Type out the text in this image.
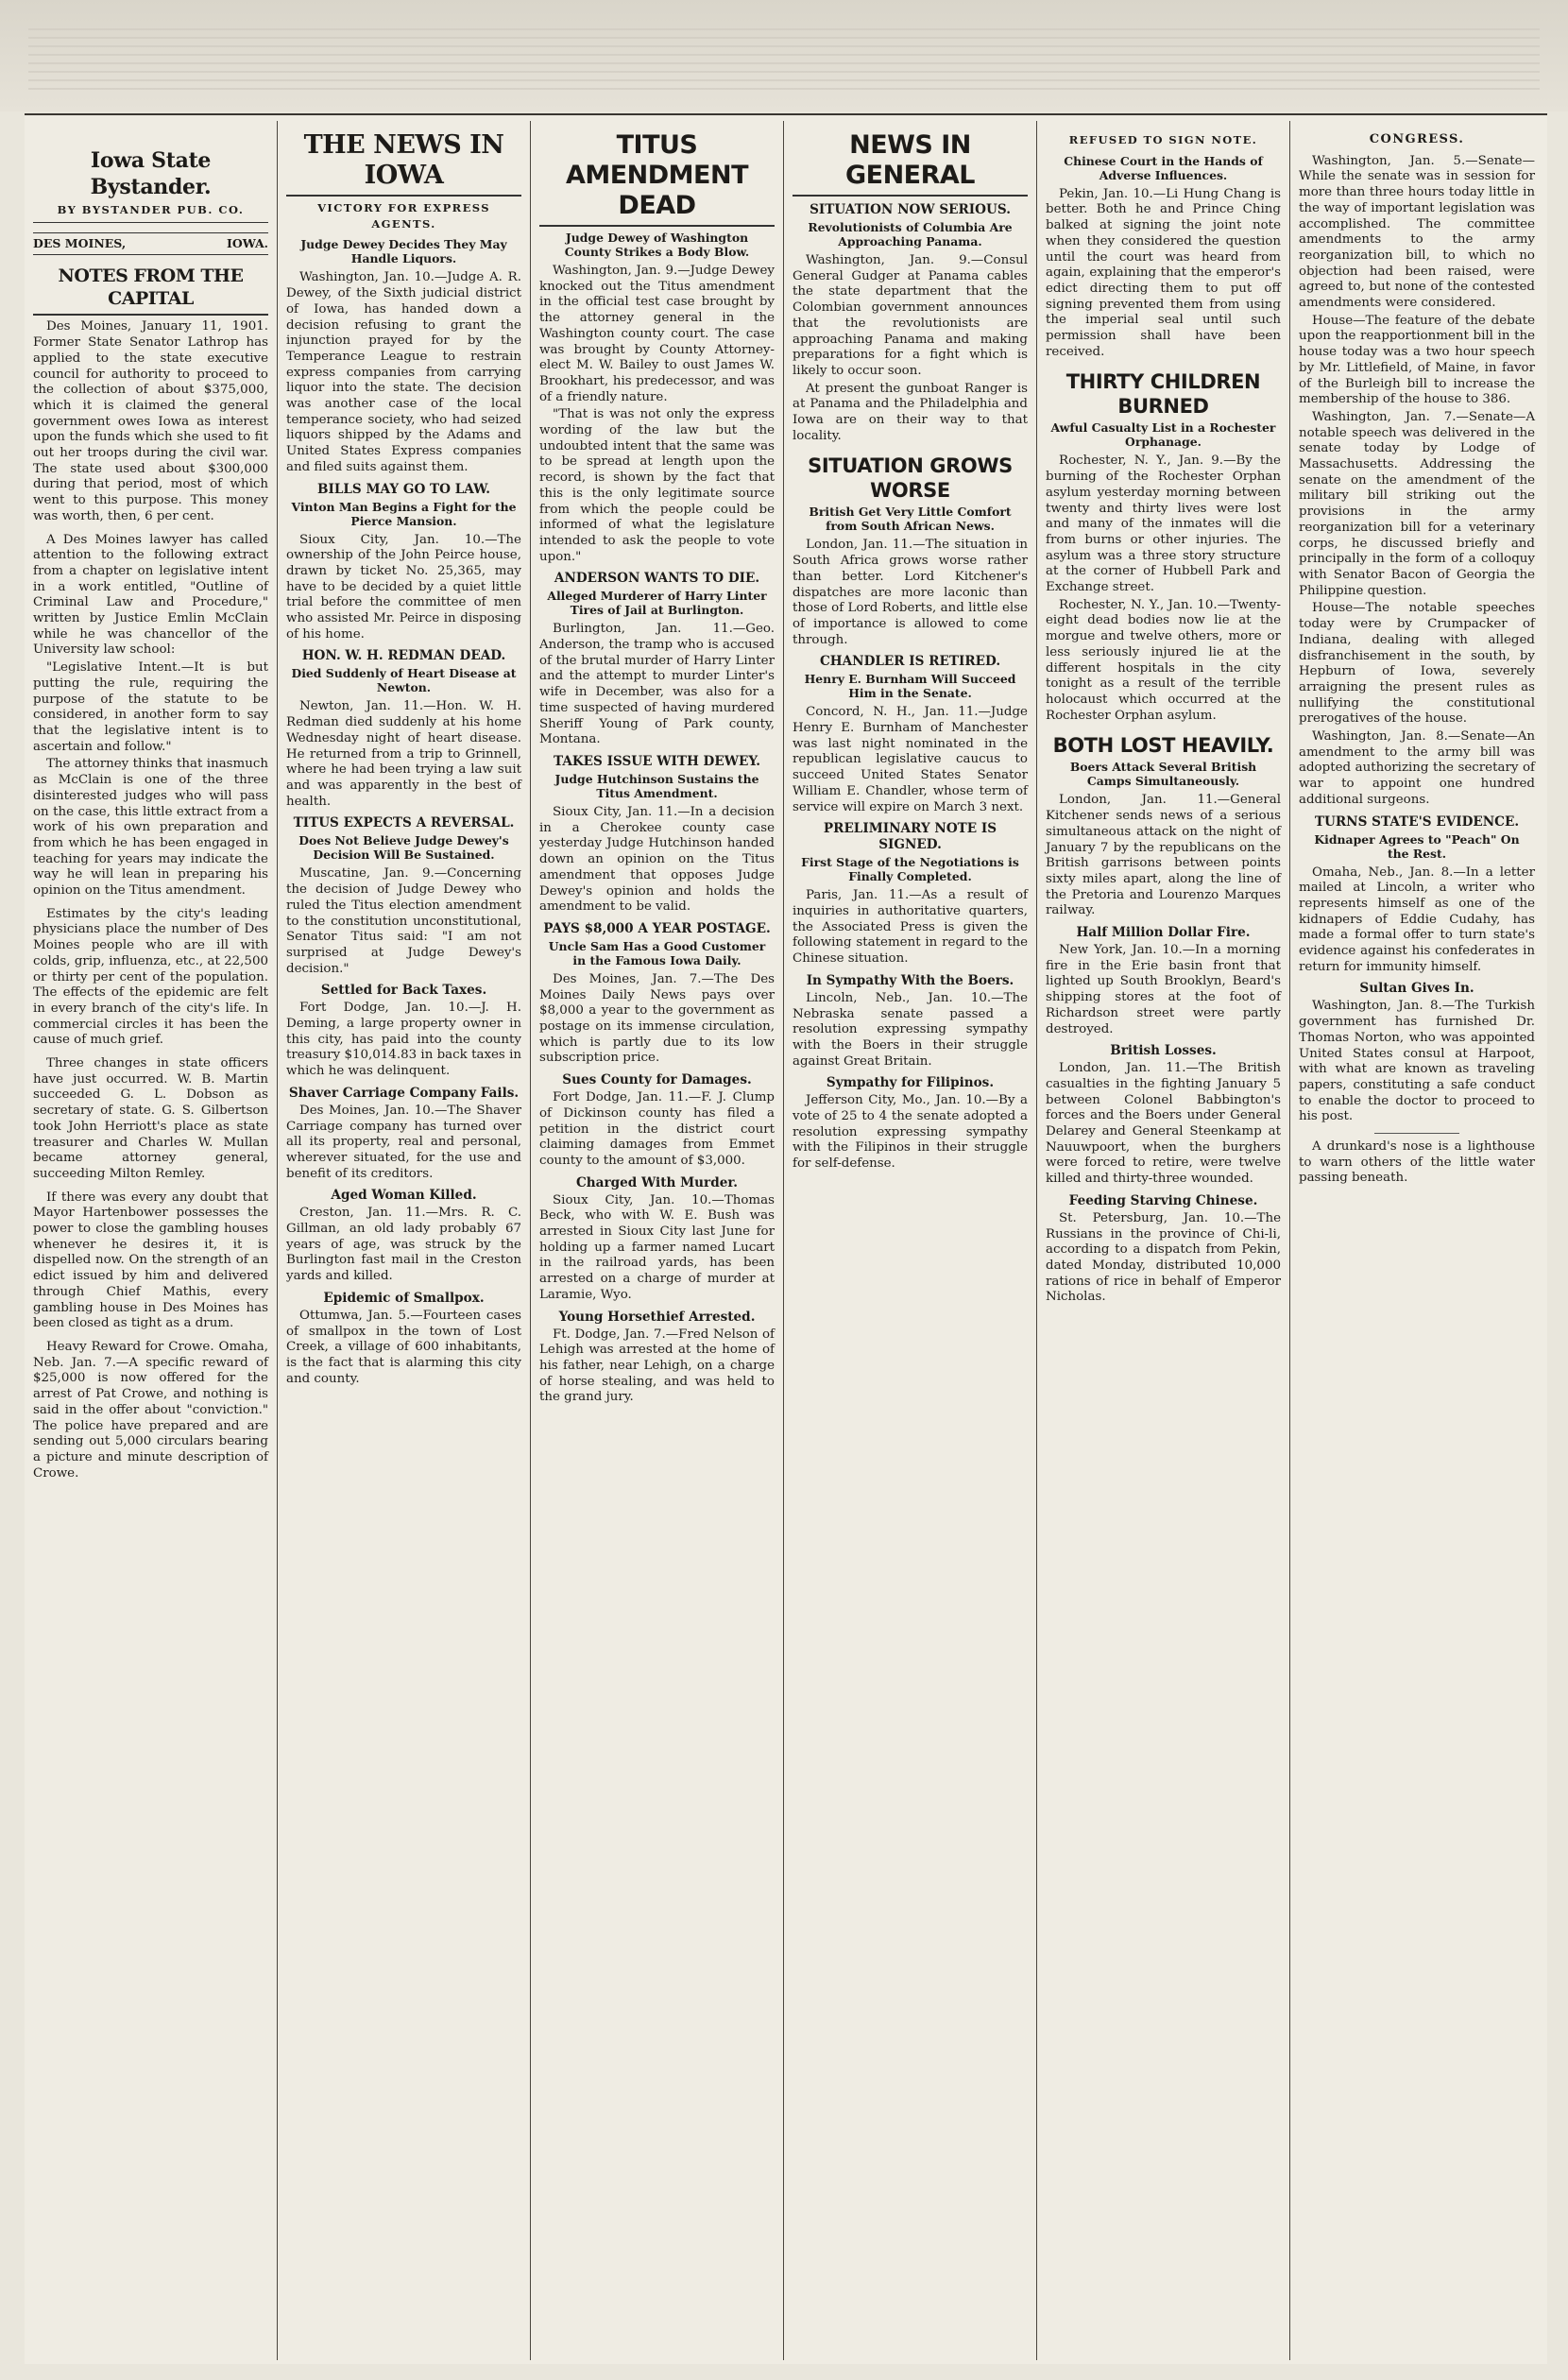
Iowa State Bystander.
BY BYSTANDER PUB. CO.
DES MOINES,	IOWA.
NOTES FROM THE CAPITAL

Des Moines, January 11, 1901. Former State Senator Lathrop has applied to the state executive council for authority to proceed to the collection of about $375,000, which it is claimed the general government owes Iowa as interest upon the funds which she used to fit out her troops during the civil war. The state used about $300,000 during that period, most of which went to this purpose. This money was worth, then, 6 per cent.

A Des Moines lawyer has called attention to the following extract from a chapter on legislative intent in a work entitled, "Outline of Criminal Law and Procedure," written by Justice Emlin McClain while he was chancellor of the University law school:

"Legislative Intent.—It is but putting the rule, requiring the purpose of the statute to be considered, in another form to say that the legislative intent is to ascertain and follow."

The attorney thinks that inasmuch as McClain is one of the three disinterested judges who will pass on the case, this little extract from a work of his own preparation and from which he has been engaged in teaching for years may indicate the way he will lean in preparing his opinion on the Titus amendment.

Estimates by the city's leading physicians place the number of Des Moines people who are ill with colds, grip, influenza, etc., at 22,500 or thirty per cent of the population. The effects of the epidemic are felt in every branch of the city's life. In commercial circles it has been the cause of much grief.

Three changes in state officers have just occurred. W. B. Martin succeeded G. L. Dobson as secretary of state. G. S. Gilbertson took John Herriott's place as state treasurer and Charles W. Mullan became attorney general, succeeding Milton Remley.

If there was every any doubt that Mayor Hartenbower possesses the power to close the gambling houses whenever he desires it, it is dispelled now. On the strength of an edict issued by him and delivered through Chief Mathis, every gambling house in Des Moines has been closed as tight as a drum.

Heavy Reward for Crowe. Omaha, Neb. Jan. 7.—A specific reward of $25,000 is now offered for the arrest of Pat Crowe, and nothing is said in the offer about "conviction." The police have prepared and are sending out 5,000 circulars bearing a picture and minute description of Crowe.

THE NEWS IN IOWA
VICTORY FOR EXPRESS AGENTS.
Judge Dewey Decides They May Handle Liquors.

Washington, Jan. 10.—Judge A. R. Dewey, of the Sixth judicial district of Iowa, has handed down a decision refusing to grant the injunction prayed for by the Temperance League to restrain express companies from carrying liquor into the state. The decision was another case of the local temperance society, who had seized liquors shipped by the Adams and United States Express companies and filed suits against them.

BILLS MAY GO TO LAW.
Vinton Man Begins a Fight for the Pierce Mansion.

Sioux City, Jan. 10.—The ownership of the John Peirce house, drawn by ticket No. 25,365, may have to be decided by a quiet little trial before the committee of men who assisted Mr. Peirce in disposing of his home.

HON. W. H. REDMAN DEAD.
Died Suddenly of Heart Disease at Newton.

Newton, Jan. 11.—Hon. W. H. Redman died suddenly at his home Wednesday night of heart disease. He returned from a trip to Grinnell, where he had been trying a law suit and was apparently in the best of health.

TITUS EXPECTS A REVERSAL.
Does Not Believe Judge Dewey's Decision Will Be Sustained.

Muscatine, Jan. 9.—Concerning the decision of Judge Dewey who ruled the Titus election amendment to the constitution unconstitutional, Senator Titus said: "I am not surprised at Judge Dewey's decision."

Settled for Back Taxes.

Fort Dodge, Jan. 10.—J. H. Deming, a large property owner in this city, has paid into the county treasury $10,014.83 in back taxes in which he was delinquent.

Shaver Carriage Company Fails.

Des Moines, Jan. 10.—The Shaver Carriage company has turned over all its property, real and personal, wherever situated, for the use and benefit of its creditors.

Aged Woman Killed.

Creston, Jan. 11.—Mrs. R. C. Gillman, an old lady probably 67 years of age, was struck by the Burlington fast mail in the Creston yards and killed.

Epidemic of Smallpox.

Ottumwa, Jan. 5.—Fourteen cases of smallpox in the town of Lost Creek, a village of 600 inhabitants, is the fact that is alarming this city and county.

TITUS AMENDMENT DEAD
Judge Dewey of Washington County Strikes a Body Blow.

Washington, Jan. 9.—Judge Dewey knocked out the Titus amendment in the official test case brought by the attorney general in the Washington county court. The case was brought by County Attorney-elect M. W. Bailey to oust James W. Brookhart, his predecessor, and was of a friendly nature.

"That is was not only the express wording of the law but the undoubted intent that the same was to be spread at length upon the record, is shown by the fact that this is the only legitimate source from which the people could be informed of what the legislature intended to ask the people to vote upon."

ANDERSON WANTS TO DIE.
Alleged Murderer of Harry Linter Tires of Jail at Burlington.

Burlington, Jan. 11.—Geo. Anderson, the tramp who is accused of the brutal murder of Harry Linter and the attempt to murder Linter's wife in December, was also for a time suspected of having murdered Sheriff Young of Park county, Montana.

TAKES ISSUE WITH DEWEY.
Judge Hutchinson Sustains the Titus Amendment.

Sioux City, Jan. 11.—In a decision in a Cherokee county case yesterday Judge Hutchinson handed down an opinion on the Titus amendment that opposes Judge Dewey's opinion and holds the amendment to be valid.

PAYS $8,000 A YEAR POSTAGE.
Uncle Sam Has a Good Customer in the Famous Iowa Daily.

Des Moines, Jan. 7.—The Des Moines Daily News pays over $8,000 a year to the government as postage on its immense circulation, which is partly due to its low subscription price.

Sues County for Damages.

Fort Dodge, Jan. 11.—F. J. Clump of Dickinson county has filed a petition in the district court claiming damages from Emmet county to the amount of $3,000.

Charged With Murder.

Sioux City, Jan. 10.—Thomas Beck, who with W. E. Bush was arrested in Sioux City last June for holding up a farmer named Lucart in the railroad yards, has been arrested on a charge of murder at Laramie, Wyo.

Young Horsethief Arrested.

Ft. Dodge, Jan. 7.—Fred Nelson of Lehigh was arrested at the home of his father, near Lehigh, on a charge of horse stealing, and was held to the grand jury.

NEWS IN GENERAL
SITUATION NOW SERIOUS.
Revolutionists of Columbia Are Approaching Panama.

Washington, Jan. 9.—Consul General Gudger at Panama cables the state department that the Colombian government announces that the revolutionists are approaching Panama and making preparations for a fight which is likely to occur soon.

At present the gunboat Ranger is at Panama and the Philadelphia and Iowa are on their way to that locality.

SITUATION GROWS WORSE
British Get Very Little Comfort from South African News.

London, Jan. 11.—The situation in South Africa grows worse rather than better. Lord Kitchener's dispatches are more laconic than those of Lord Roberts, and little else of importance is allowed to come through.

CHANDLER IS RETIRED.
Henry E. Burnham Will Succeed Him in the Senate.

Concord, N. H., Jan. 11.—Judge Henry E. Burnham of Manchester was last night nominated in the republican legislative caucus to succeed United States Senator William E. Chandler, whose term of service will expire on March 3 next.

PRELIMINARY NOTE IS SIGNED.
First Stage of the Negotiations is Finally Completed.

Paris, Jan. 11.—As a result of inquiries in authoritative quarters, the Associated Press is given the following statement in regard to the Chinese situation.

In Sympathy With the Boers.

Lincoln, Neb., Jan. 10.—The Nebraska senate passed a resolution expressing sympathy with the Boers in their struggle against Great Britain.

Sympathy for Filipinos.

Jefferson City, Mo., Jan. 10.—By a vote of 25 to 4 the senate adopted a resolution expressing sympathy with the Filipinos in their struggle for self-defense.

REFUSED TO SIGN NOTE.
Chinese Court in the Hands of Adverse Influences.

Pekin, Jan. 10.—Li Hung Chang is better. Both he and Prince Ching balked at signing the joint note when they considered the question until the court was heard from again, explaining that the emperor's edict directing them to put off signing prevented them from using the imperial seal until such permission shall have been received.

THIRTY CHILDREN BURNED
Awful Casualty List in a Rochester Orphanage.

Rochester, N. Y., Jan. 9.—By the burning of the Rochester Orphan asylum yesterday morning between twenty and thirty lives were lost and many of the inmates will die from burns or other injuries. The asylum was a three story structure at the corner of Hubbell Park and Exchange street.

Rochester, N. Y., Jan. 10.—Twenty-eight dead bodies now lie at the morgue and twelve others, more or less seriously injured lie at the different hospitals in the city tonight as a result of the terrible holocaust which occurred at the Rochester Orphan asylum.

BOTH LOST HEAVILY.
Boers Attack Several British Camps Simultaneously.

London, Jan. 11.—General Kitchener sends news of a serious simultaneous attack on the night of January 7 by the republicans on the British garrisons between points sixty miles apart, along the line of the Pretoria and Lourenzo Marques railway.

Half Million Dollar Fire.

New York, Jan. 10.—In a morning fire in the Erie basin front that lighted up South Brooklyn, Beard's shipping stores at the foot of Richardson street were partly destroyed.

British Losses.

London, Jan. 11.—The British casualties in the fighting January 5 between Colonel Babbington's forces and the Boers under General Delarey and General Steenkamp at Nauuwpoort, when the burghers were forced to retire, were twelve killed and thirty-three wounded.

Feeding Starving Chinese.

St. Petersburg, Jan. 10.—The Russians in the province of Chi-li, according to a dispatch from Pekin, dated Monday, distributed 10,000 rations of rice in behalf of Emperor Nicholas.

CONGRESS.

Washington, Jan. 5.—Senate—While the senate was in session for more than three hours today little in the way of important legislation was accomplished. The committee amendments to the army reorganization bill, to which no objection had been raised, were agreed to, but none of the contested amendments were considered.

House—The feature of the debate upon the reapportionment bill in the house today was a two hour speech by Mr. Littlefield, of Maine, in favor of the Burleigh bill to increase the membership of the house to 386.

Washington, Jan. 7.—Senate—A notable speech was delivered in the senate today by Lodge of Massachusetts. Addressing the senate on the amendment of the military bill striking out the provisions in the army reorganization bill for a veterinary corps, he discussed briefly and principally in the form of a colloquy with Senator Bacon of Georgia the Philippine question.

House—The notable speeches today were by Crumpacker of Indiana, dealing with alleged disfranchisement in the south, by Hepburn of Iowa, severely arraigning the present rules as nullifying the constitutional prerogatives of the house.

Washington, Jan. 8.—Senate—An amendment to the army bill was adopted authorizing the secretary of war to appoint one hundred additional surgeons.

TURNS STATE'S EVIDENCE.
Kidnaper Agrees to "Peach" On the Rest.

Omaha, Neb., Jan. 8.—In a letter mailed at Lincoln, a writer who represents himself as one of the kidnapers of Eddie Cudahy, has made a formal offer to turn state's evidence against his confederates in return for immunity himself.

Sultan Gives In.

Washington, Jan. 8.—The Turkish government has furnished Dr. Thomas Norton, who was appointed United States consul at Harpoot, with what are known as traveling papers, constituting a safe conduct to enable the doctor to proceed to his post.

A drunkard's nose is a lighthouse to warn others of the little water passing beneath.
